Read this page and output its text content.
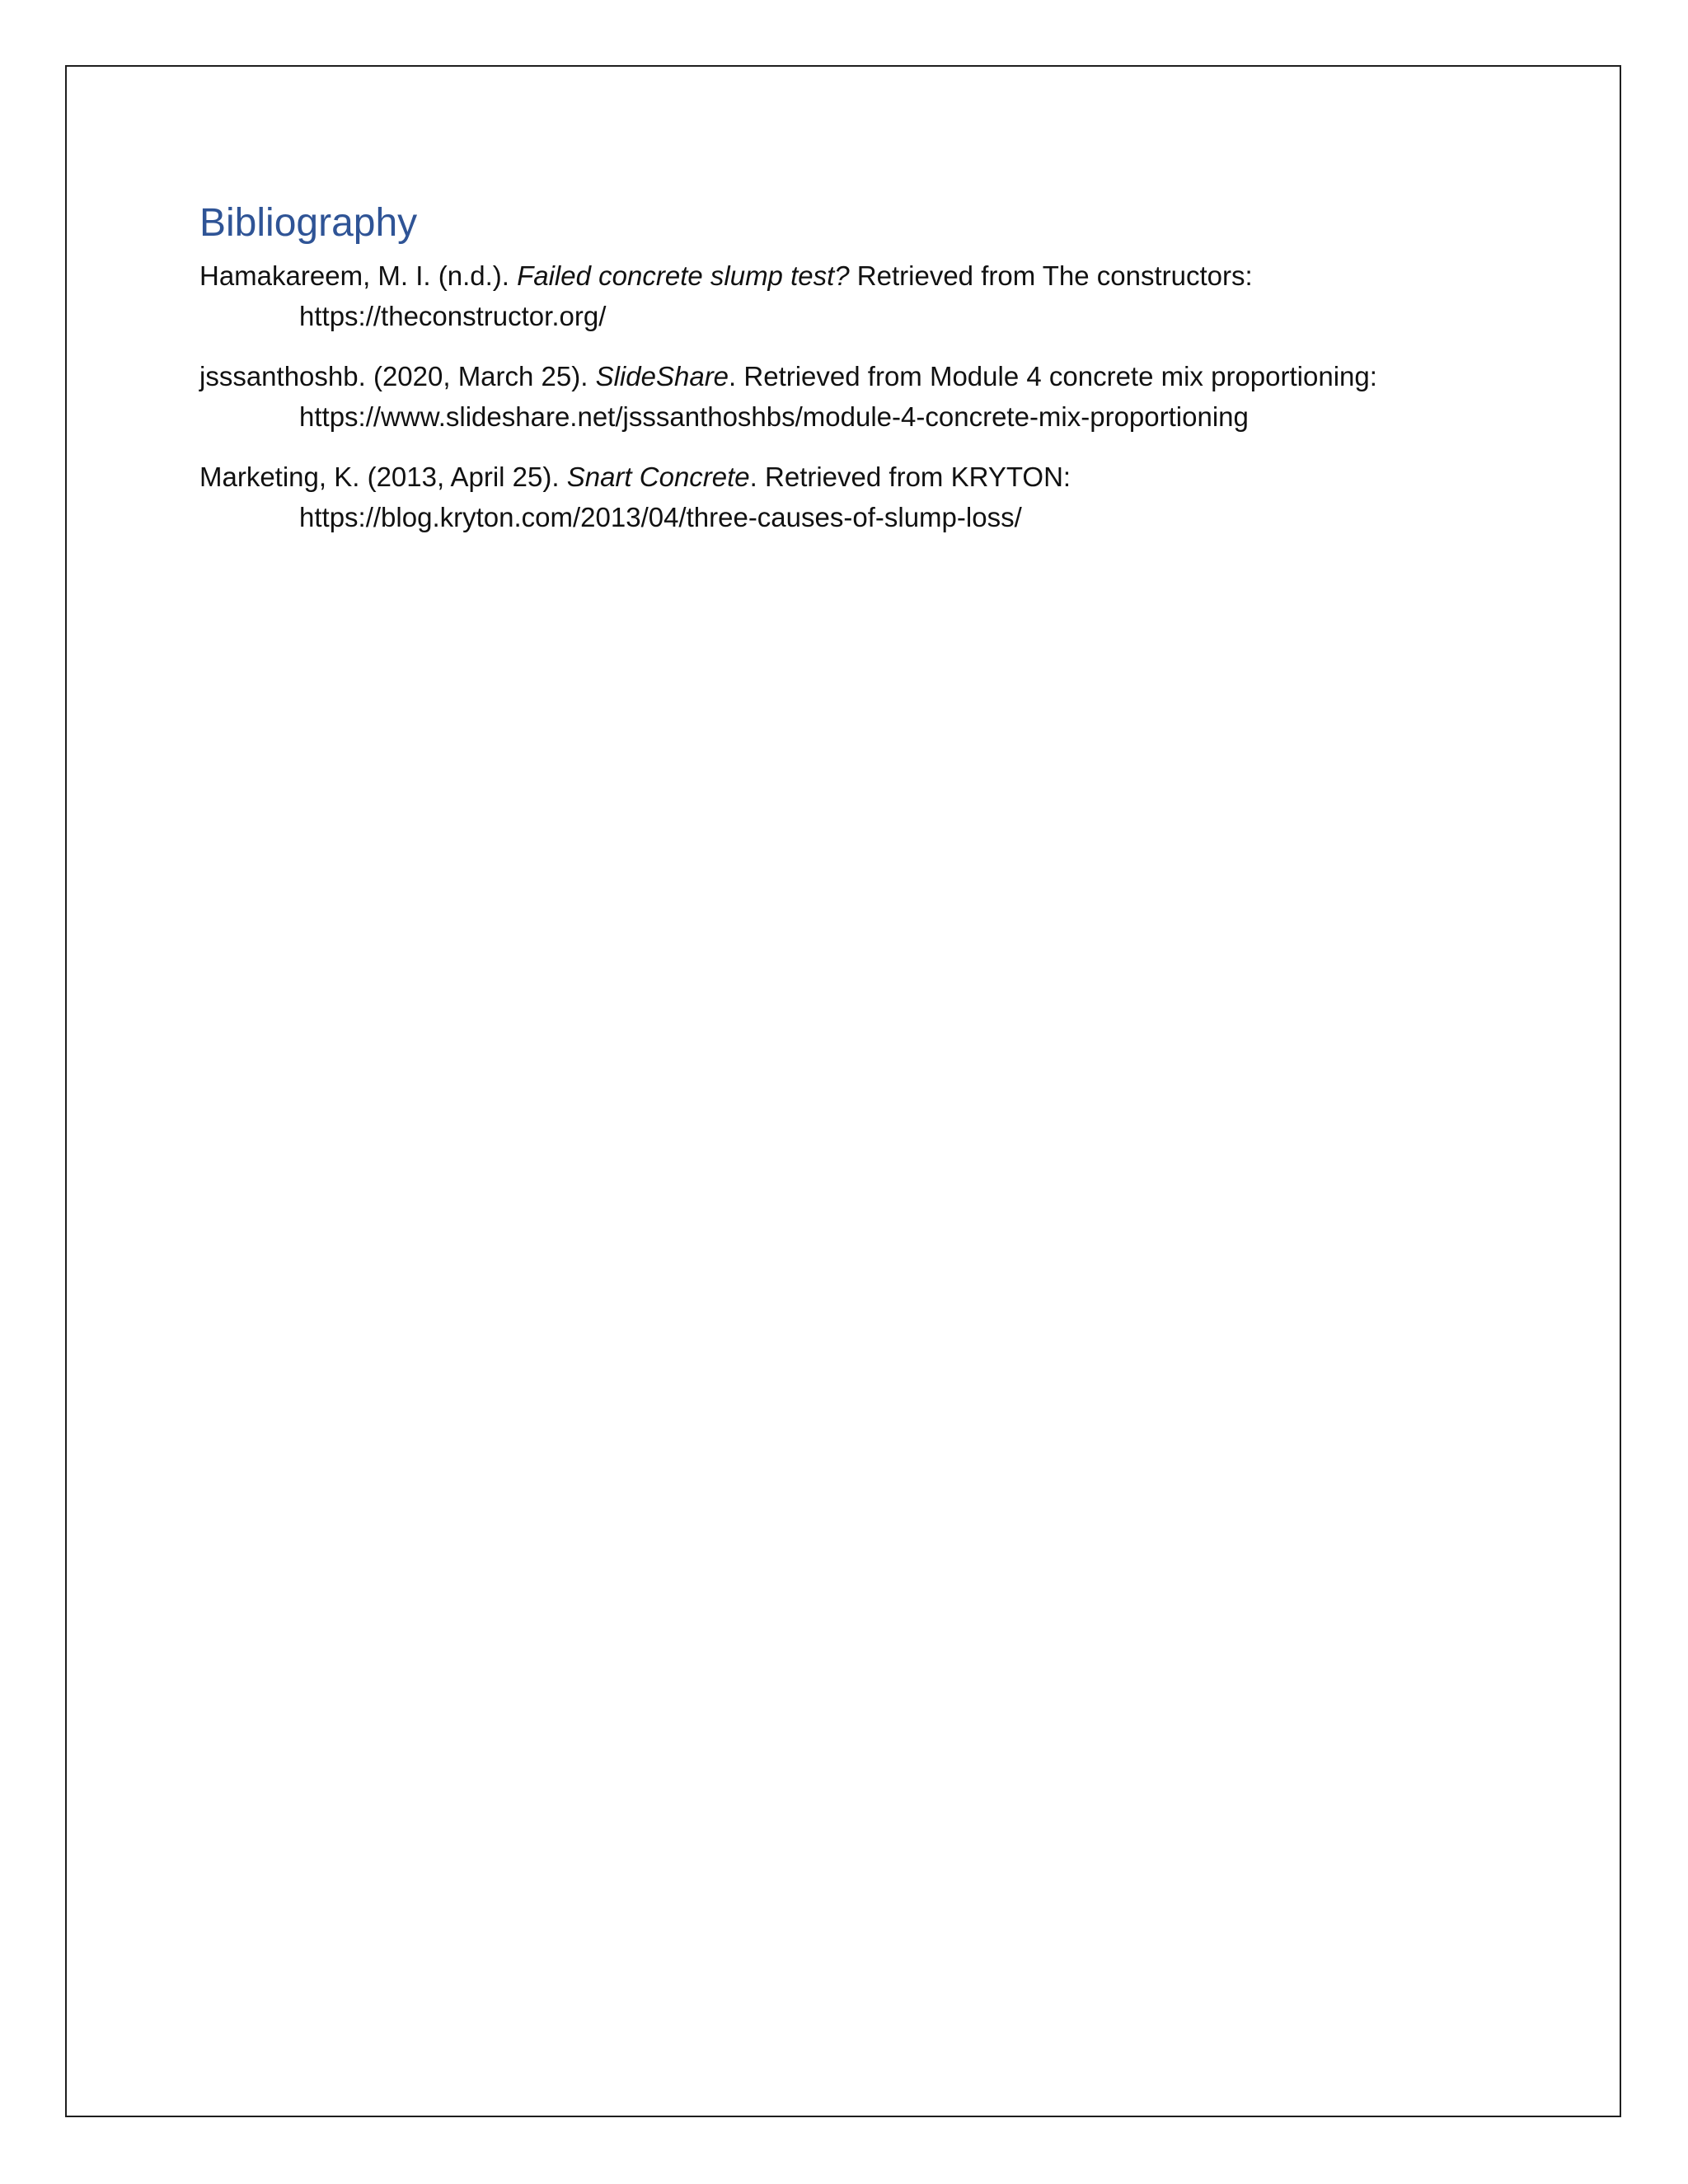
Bibliography

Hamakareem, M. I. (n.d.). Failed concrete slump test? Retrieved from The constructors:
https://theconstructor.org/

jsssanthoshb. (2020, March 25). SlideShare. Retrieved from Module 4 concrete mix proportioning:
https://www.slideshare.net/jsssanthoshbs/module-4-concrete-mix-proportioning

Marketing, K. (2013, April 25). Snart Concrete. Retrieved from KRYTON:
https://blog.kryton.com/2013/04/three-causes-of-slump-loss/
